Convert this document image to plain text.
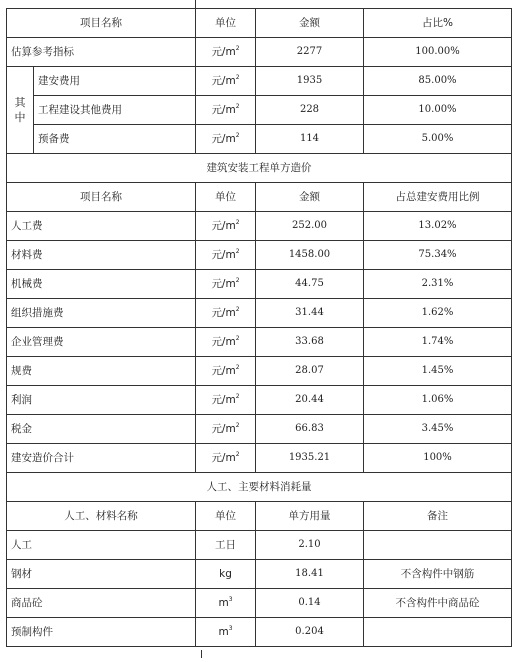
项目名称		单位	金额	占比%
估算参考指标		元$/m^2$	2277	100.00%

其
中	建安费用	元$/m^2$	1935	85.00%
	工程建设其他费用	元$/m^2$	228	10.00%
	预备费	元$/m^2$	114	5.00%
建筑安装工程单方造价				
项目名称		单位	金额	占总建安费用比例
人工费		元$/m^2$	252.00	13.02%
材料费		元$/m^2$	1458.00	75.34%
机械费		元$/m^2$	44.75	2.31%
组织措施费		元$/m^2$	31.44	1.62%
企业管理费		元$/m^2$	33.68	1.74%
规费		元$/m^2$	28.07	1.45%
利润		元$/m^2$	20.44	1.06%
税金		元$/m^2$	66.83	3.45%
建安造价合计		元$/m^2$	1935.21	100%
人工、主要材料消耗量				
人工、材料名称		单位	单方用量	备注
人工		工日	2.10	
钢材		kg	18.41	不含构件中钢筋
商品砼		$m^3$	0.14	不含构件中商品砼
预制构件		$m^3$	0.204	
